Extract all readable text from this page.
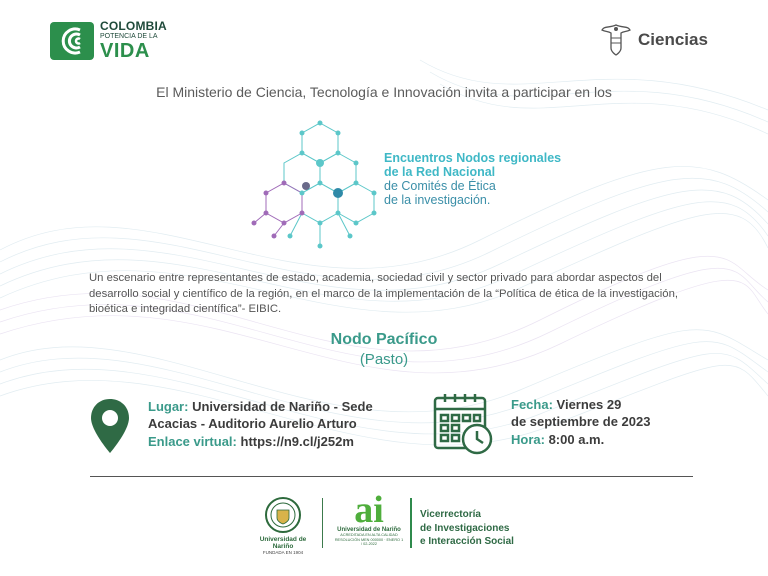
COLOMBIA
POTENCIA DE LA
VIDA
Ciencias
El Ministerio de Ciencia, Tecnología e Innovación invita a participar en los
Encuentros Nodos regionales
de la Red Nacional
de Comités de Ética
de la investigación.
Un escenario entre representantes de estado, academia, sociedad civil y sector privado para abordar aspectos del desarrollo social y científico de la región, en el marco de la implementación de la “Política de ética de la investigación, bioética e integridad científica”- EIBIC.
Nodo Pacífico
(Pasto)
Lugar: Universidad de Nariño - Sede
Acacias - Auditorio Aurelio Arturo
Enlace virtual: https://n9.cl/j252m
Fecha: Viernes 29
de septiembre de 2023
Hora: 8:00 a.m.
Universidad de Nariño
FUNDADA EN 1904
ai
Universidad de Nariño
ACREDITADA EN ALTA CALIDAD
RESOLUCIÓN MEN 000000 · ENERO 1 / 02-2022
Vicerrectoría
de Investigaciones
e Interacción Social
